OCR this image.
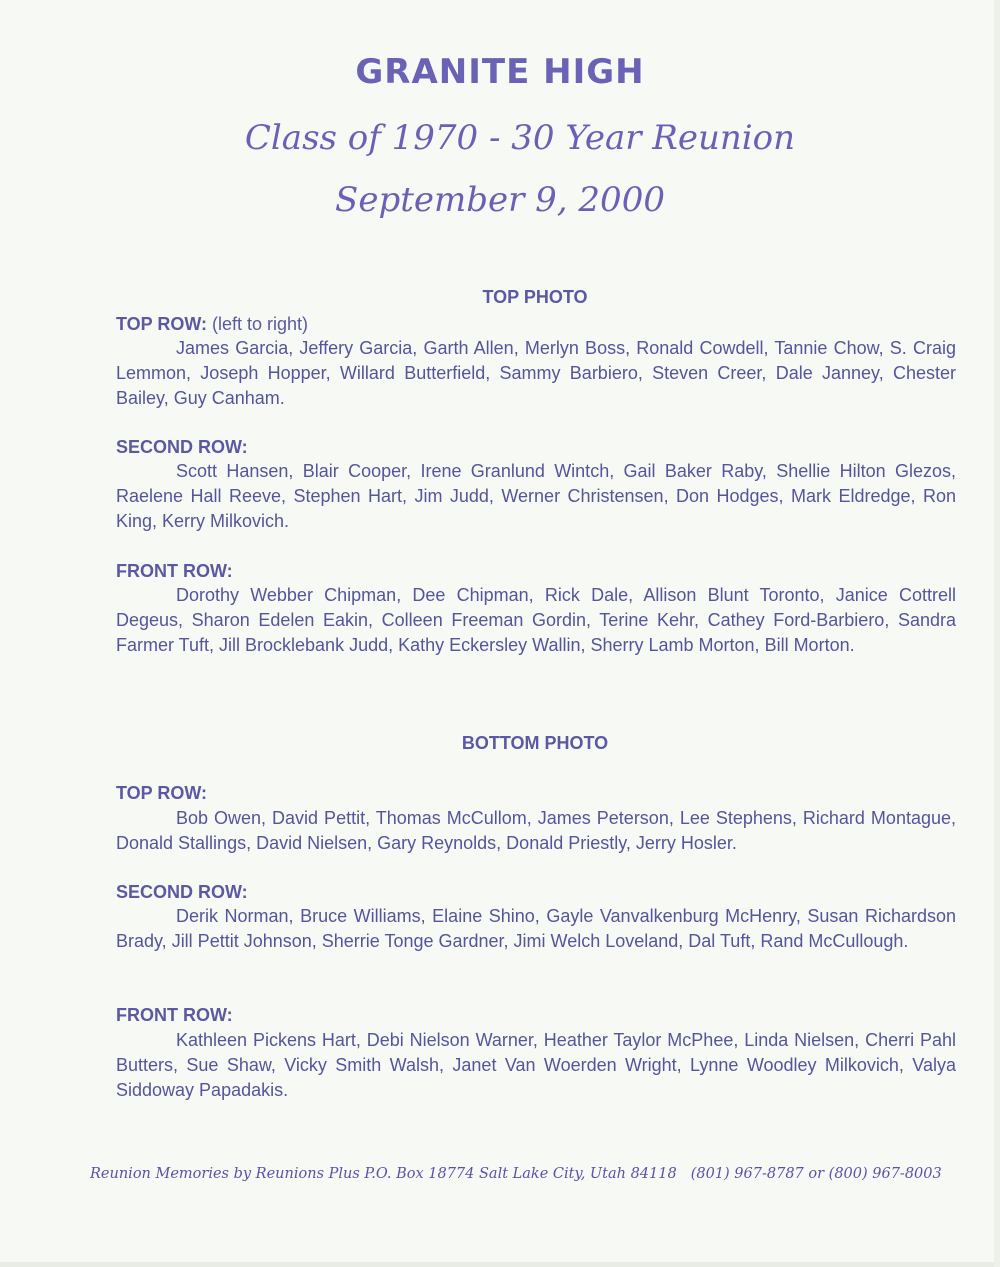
GRANITE HIGH
Class of 1970 - 30 Year Reunion
September 9, 2000
TOP PHOTO
TOP ROW: (left to right)
James Garcia, Jeffery Garcia, Garth Allen, Merlyn Boss, Ronald Cowdell, Tannie Chow, S. Craig Lemmon, Joseph Hopper, Willard Butterfield, Sammy Barbiero, Steven Creer, Dale Janney, Chester Bailey, Guy Canham.
SECOND ROW:
Scott Hansen, Blair Cooper, Irene Granlund Wintch, Gail Baker Raby, Shellie Hilton Glezos, Raelene Hall Reeve, Stephen Hart, Jim Judd, Werner Christensen, Don Hodges, Mark Eldredge, Ron King, Kerry Milkovich.
FRONT ROW:
Dorothy Webber Chipman, Dee Chipman, Rick Dale, Allison Blunt Toronto, Janice Cottrell Degeus, Sharon Edelen Eakin, Colleen Freeman Gordin, Terine Kehr, Cathey Ford-Barbiero, Sandra Farmer Tuft, Jill Brocklebank Judd, Kathy Eckersley Wallin, Sherry Lamb Morton, Bill Morton.
BOTTOM PHOTO
TOP ROW:
Bob Owen, David Pettit, Thomas McCullom, James Peterson, Lee Stephens, Richard Montague, Donald Stallings, David Nielsen, Gary Reynolds, Donald Priestly, Jerry Hosler.
SECOND ROW:
Derik Norman, Bruce Williams, Elaine Shino, Gayle Vanvalkenburg McHenry, Susan Richardson Brady, Jill Pettit Johnson, Sherrie Tonge Gardner, Jimi Welch Loveland, Dal Tuft, Rand McCullough.
FRONT ROW:
Kathleen Pickens Hart, Debi Nielson Warner, Heather Taylor McPhee, Linda Nielsen, Cherri Pahl Butters, Sue Shaw, Vicky Smith Walsh, Janet Van Woerden Wright, Lynne Woodley Milkovich, Valya Siddoway Papadakis.
Reunion Memories by Reunions Plus P.O. Box 18774 Salt Lake City, Utah 84118 (801) 967-8787 or (800) 967-8003
